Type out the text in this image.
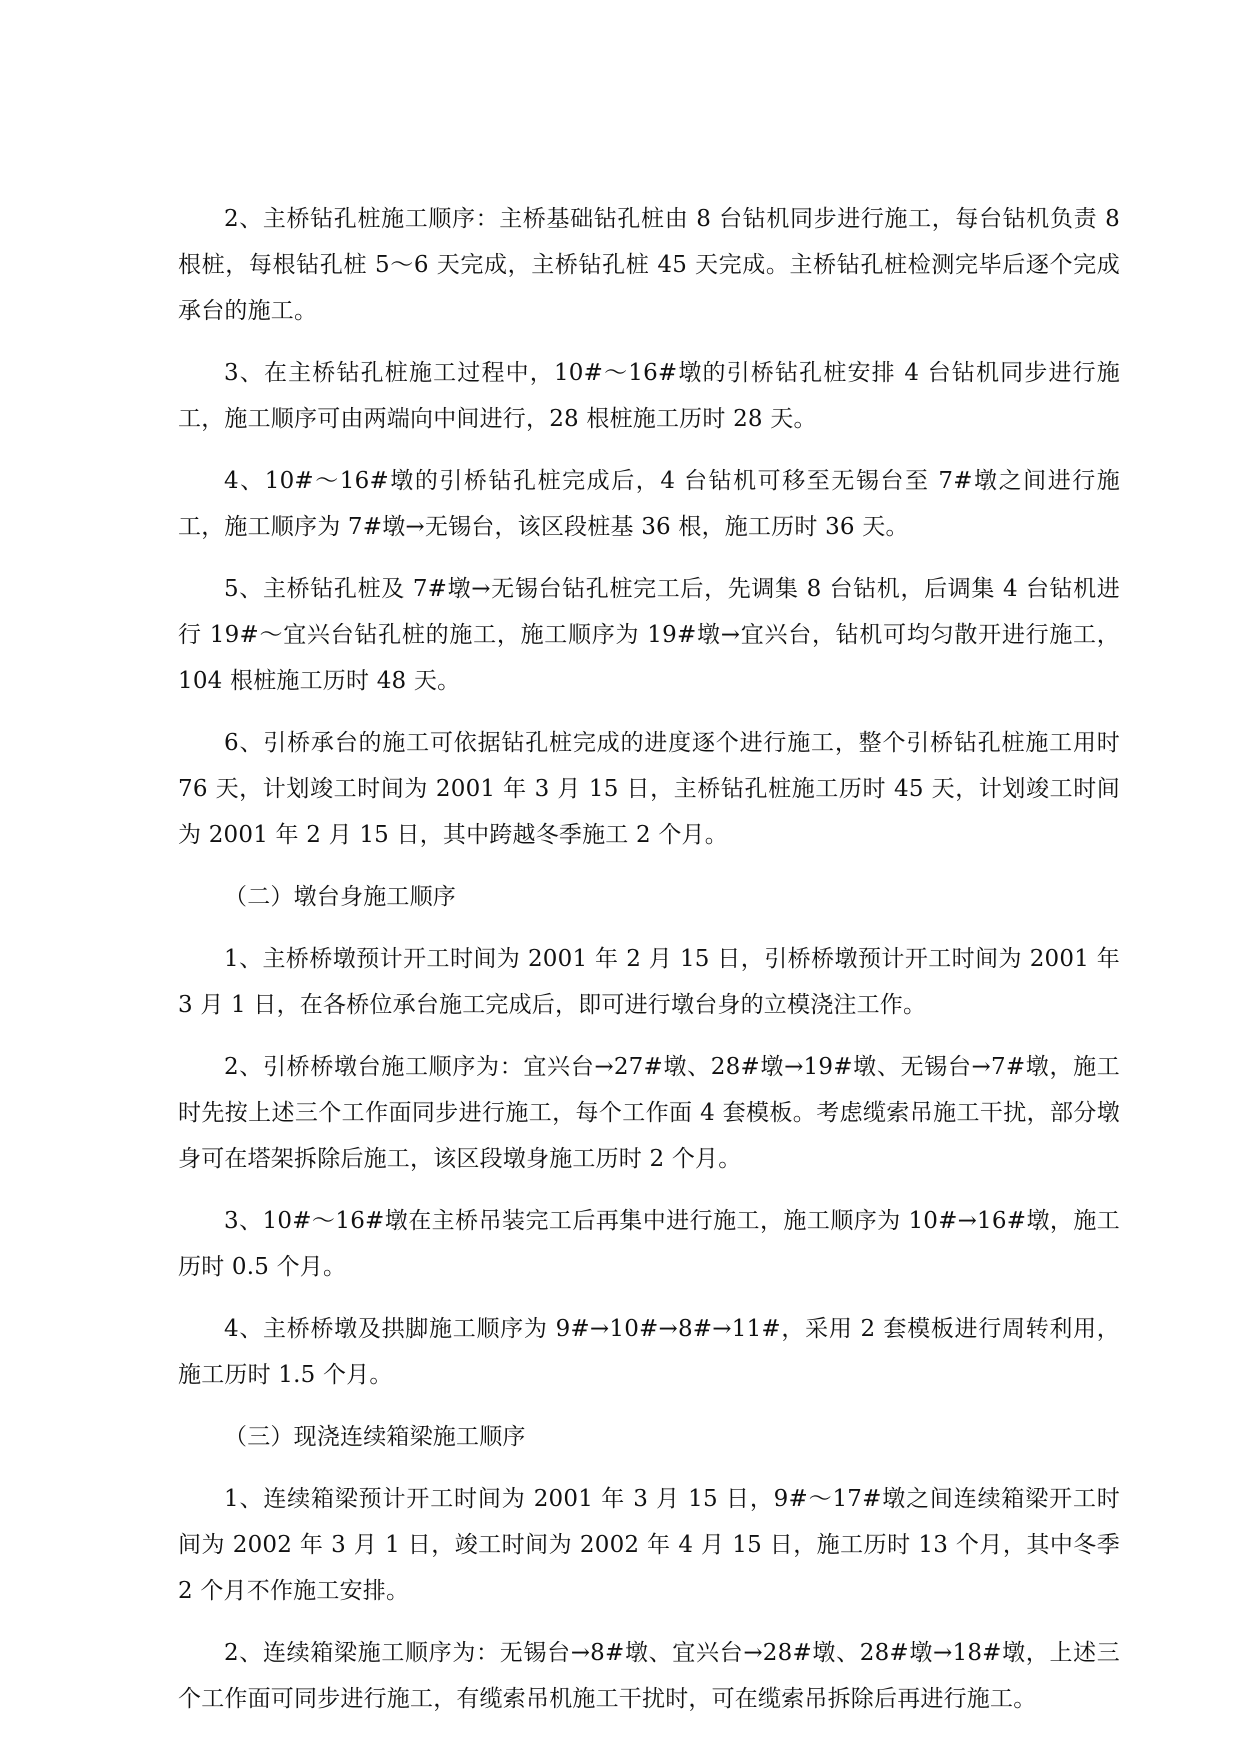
2、主桥钻孔桩施工顺序：主桥基础钻孔桩由 8 台钻机同步进行施工，每台钻机负责 8 根桩，每根钻孔桩 5～6 天完成，主桥钻孔桩 45 天完成。主桥钻孔桩检测完毕后逐个完成承台的施工。

3、在主桥钻孔桩施工过程中，10#～16#墩的引桥钻孔桩安排 4 台钻机同步进行施工，施工顺序可由两端向中间进行，28 根桩施工历时 28 天。

4、10#～16#墩的引桥钻孔桩完成后，4 台钻机可移至无锡台至 7#墩之间进行施工，施工顺序为 7#墩→无锡台，该区段桩基 36 根，施工历时 36 天。

5、主桥钻孔桩及 7#墩→无锡台钻孔桩完工后，先调集 8 台钻机，后调集 4 台钻机进行 19#～宜兴台钻孔桩的施工，施工顺序为 19#墩→宜兴台，钻机可均匀散开进行施工，104 根桩施工历时 48 天。

6、引桥承台的施工可依据钻孔桩完成的进度逐个进行施工，整个引桥钻孔桩施工用时 76 天，计划竣工时间为 2001 年 3 月 15 日，主桥钻孔桩施工历时 45 天，计划竣工时间为 2001 年 2 月 15 日，其中跨越冬季施工 2 个月。

（二）墩台身施工顺序

1、主桥桥墩预计开工时间为 2001 年 2 月 15 日，引桥桥墩预计开工时间为 2001 年 3 月 1 日，在各桥位承台施工完成后，即可进行墩台身的立模浇注工作。

2、引桥桥墩台施工顺序为：宜兴台→27#墩、28#墩→19#墩、无锡台→7#墩，施工时先按上述三个工作面同步进行施工，每个工作面 4 套模板。考虑缆索吊施工干扰，部分墩身可在塔架拆除后施工，该区段墩身施工历时 2 个月。

3、10#～16#墩在主桥吊装完工后再集中进行施工，施工顺序为 10#→16#墩，施工历时 0.5 个月。

4、主桥桥墩及拱脚施工顺序为 9#→10#→8#→11#，采用 2 套模板进行周转利用，施工历时 1.5 个月。

（三）现浇连续箱梁施工顺序

1、连续箱梁预计开工时间为 2001 年 3 月 15 日，9#～17#墩之间连续箱梁开工时间为 2002 年 3 月 1 日，竣工时间为 2002 年 4 月 15 日，施工历时 13 个月，其中冬季 2 个月不作施工安排。

2、连续箱梁施工顺序为：无锡台→8#墩、宜兴台→28#墩、28#墩→18#墩，上述三个工作面可同步进行施工，有缆索吊机施工干扰时，可在缆索吊拆除后再进行施工。
